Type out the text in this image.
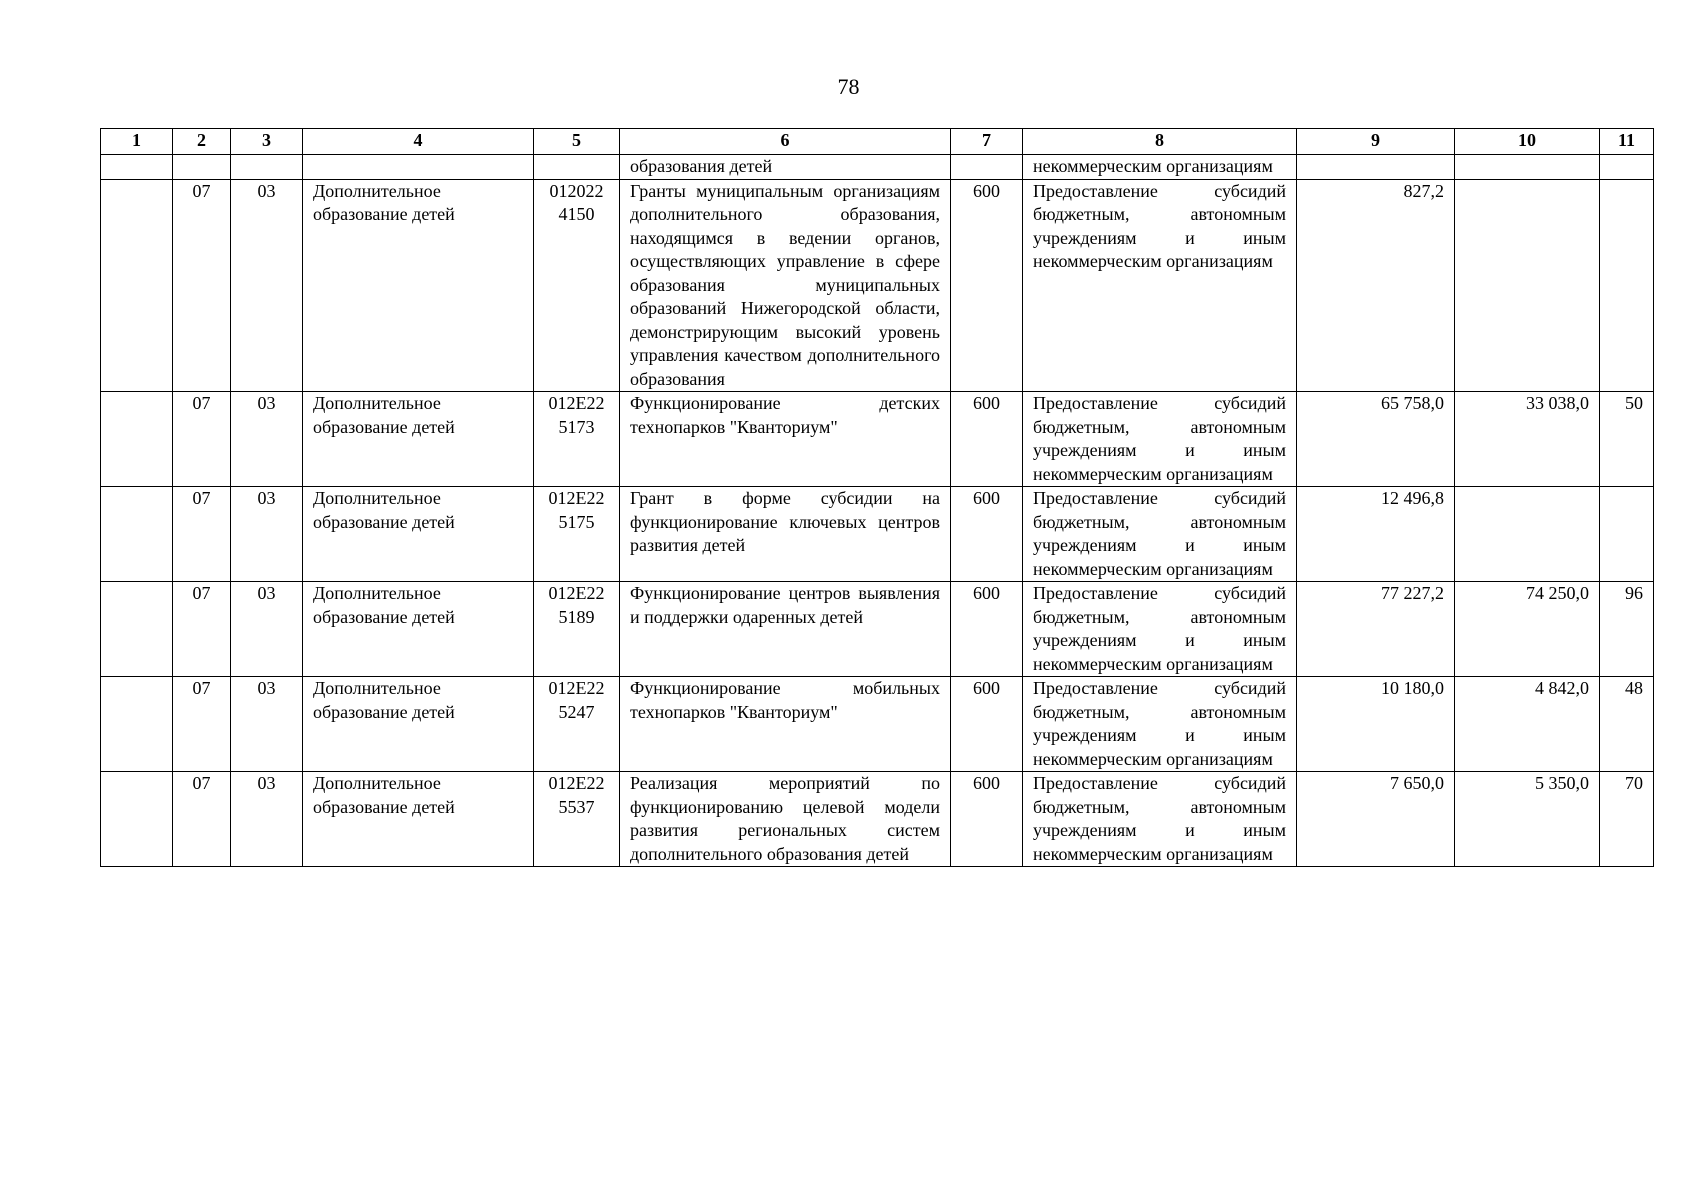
78
1	2	3	4	5	6	7	8	9	10	11
					образования детей		некоммерческим организациям			
	07	03	Дополнительное образование детей	012022 4150	Гранты муниципальным организациям дополнительного образования, находящимся в ведении органов, осуществляющих управление в сфере образования муниципальных образований Нижегородской области, демонстрирующим высокий уровень управления качеством дополнительного образования	600	Предоставление субсидий бюджетным, автономным учреждениям и иным некоммерческим организациям	827,2		
	07	03	Дополнительное образование детей	012Е22 5173	Функционирование детских технопарков "Кванториум"	600	Предоставление субсидий бюджетным, автономным учреждениям и иным некоммерческим организациям	65 758,0	33 038,0	50
	07	03	Дополнительное образование детей	012Е22 5175	Грант в форме субсидии на функционирование ключевых центров развития детей	600	Предоставление субсидий бюджетным, автономным учреждениям и иным некоммерческим организациям	12 496,8		
	07	03	Дополнительное образование детей	012Е22 5189	Функционирование центров выявления и поддержки одаренных детей	600	Предоставление субсидий бюджетным, автономным учреждениям и иным некоммерческим организациям	77 227,2	74 250,0	96
	07	03	Дополнительное образование детей	012Е22 5247	Функционирование мобильных технопарков "Кванториум"	600	Предоставление субсидий бюджетным, автономным учреждениям и иным некоммерческим организациям	10 180,0	4 842,0	48
	07	03	Дополнительное образование детей	012Е22 5537	Реализация мероприятий по функционированию целевой модели развития региональных систем дополнительного образования детей	600	Предоставление субсидий бюджетным, автономным учреждениям и иным некоммерческим организациям	7 650,0	5 350,0	70
